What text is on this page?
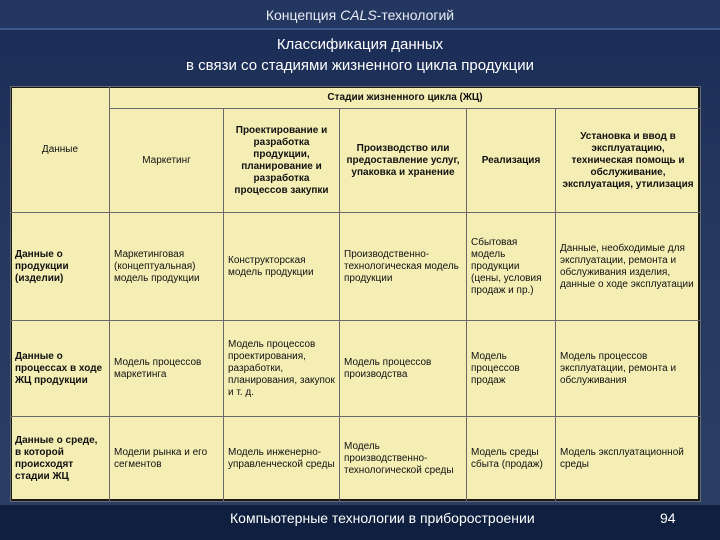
Концепция CALS-технологий
Классификация данных
в связи со стадиями жизненного цикла продукции
Данные	Стадии жизненного цикла (ЖЦ)				
	Маркетинг	Проектирование и разработка продукции, планирование и разработка процессов закупки	Производство или предоставление услуг, упаковка и хранение	Реализация	Установка и ввод в эксплуатацию, техническая помощь и обслуживание, эксплуатация, утилизация
Данные о продукции (изделии)	Маркетинговая (концептуальная) модель продукции	Конструкторская модель продукции	Производственно-технологическая модель продукции	Сбытовая модель продукции (цены, условия продаж и пр.)	Данные, необходимые для эксплуатации, ремонта и обслуживания изделия, данные о ходе эксплуатации
Данные о процессах в ходе ЖЦ продукции	Модель процессов маркетинга	Модель процессов проектирования, разработки, планирования, закупок и т. д.	Модель процессов производства	Модель процессов продаж	Модель процессов эксплуатации, ремонта и обслуживания
Данные о среде, в которой происходят стадии ЖЦ	Модели рынка и его сегментов	Модель инженерно-управленческой среды	Модель производственно-технологической среды	Модель среды сбыта (продаж)	Модель эксплуатационной среды
Компьютерные технологии в приборостроении	94
